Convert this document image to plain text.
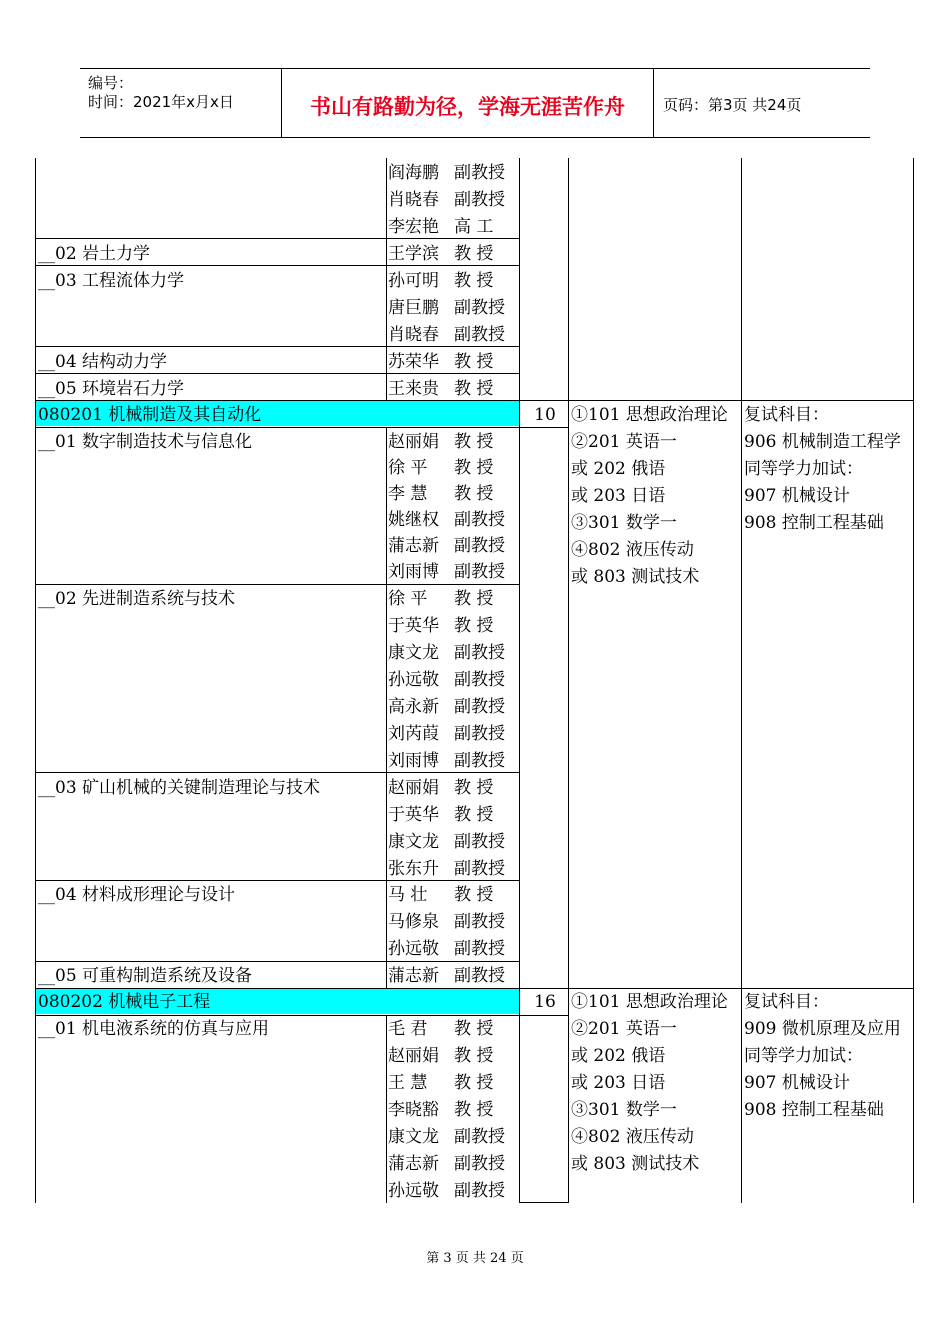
编号：
时间：2021年x月x日	书山有路勤为径，学海无涯苦作舟	页码：第3页 共24页
阎海鹏 副教授
肖晓春 副教授
李宏艳 高 工
__02 岩土力学	王学滨 教 授
__03 工程流体力学	孙可明 教 授
唐巨鹏 副教授
肖晓春 副教授
__04 结构动力学	苏荣华 教 授
__05 环境岩石力学	王来贵 教 授
080201 机械制造及其自动化	10 ①101 思想政治理论
②201 英语一
或 202 俄语
或 203 日语
③301 数学一
④802 液压传动
或 803 测试技术
复试科目：
906 机械制造工程学
同等学力加试：
907 机械设计
908 控制工程基础
__01 数字制造技术与信息化	赵丽娟 教 授
徐 平 教 授
李 慧 教 授
姚继权 副教授
蒲志新 副教授
刘雨博 副教授
__02 先进制造系统与技术	徐 平 教 授
于英华 教 授
康文龙 副教授
孙远敬 副教授
高永新 副教授
刘芮葭 副教授
刘雨博 副教授
__03 矿山机械的关键制造理论与技术	赵丽娟 教 授
于英华 教 授
康文龙 副教授
张东升 副教授
__04 材料成形理论与设计	马 壮 教 授
马修泉 副教授
孙远敬 副教授
__05 可重构制造系统及设备	蒲志新 副教授
080202 机械电子工程	16 ①101 思想政治理论
②201 英语一
或 202 俄语
或 203 日语
③301 数学一
④802 液压传动
或 803 测试技术
复试科目：
909 微机原理及应用
同等学力加试：
907 机械设计
908 控制工程基础
__01 机电液系统的仿真与应用	毛 君 教 授
赵丽娟 教 授
王 慧 教 授
李晓豁 教 授
康文龙 副教授
蒲志新 副教授
孙远敬 副教授
第 3 页 共 24 页
